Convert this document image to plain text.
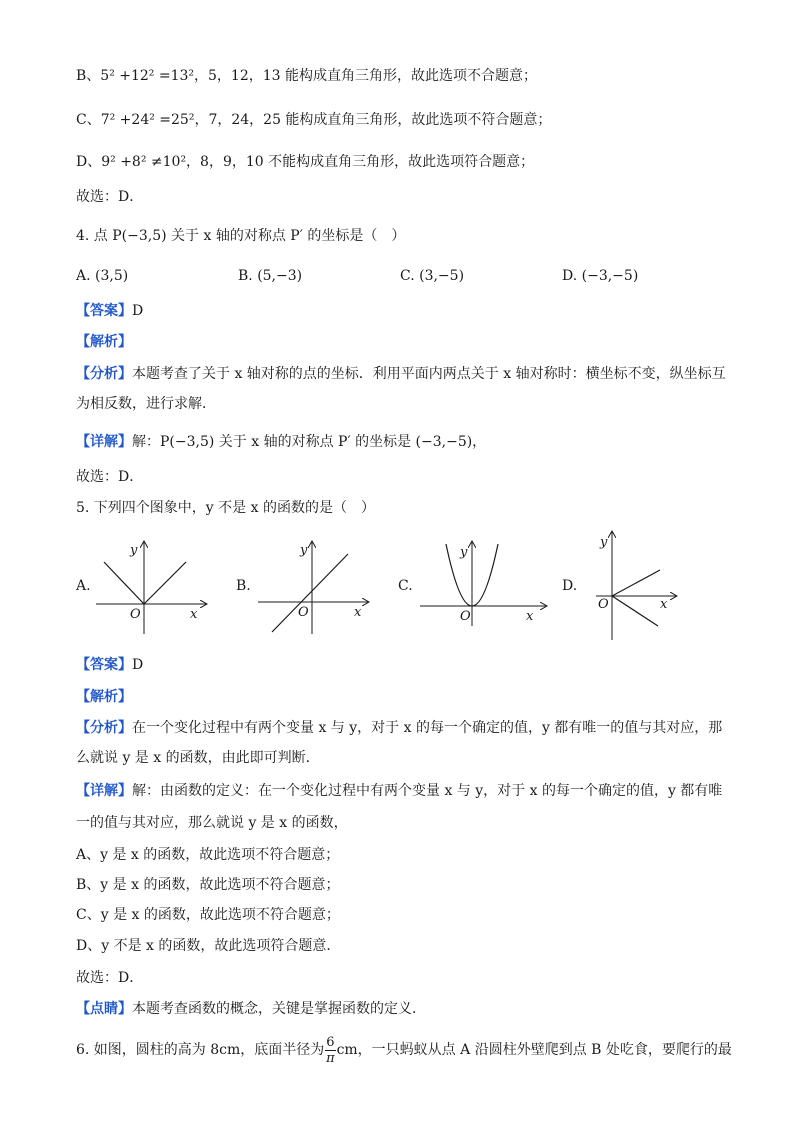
B、5² +12² =13²，5，12，13 能构成直角三角形，故此选项不合题意；
C、7² +24² =25²，7，24，25 能构成直角三角形，故此选项不符合题意；
D、9² +8² ≠10²，8，9，10 不能构成直角三角形，故此选项符合题意；
故选：D．
4. 点 P(−3,5) 关于 x 轴的对称点 P′ 的坐标是（　）
A. (3,5)	B. (5,−3)	C. (3,−5)	D. (−3,−5)
【答案】D
【解析】
【分析】本题考查了关于 x 轴对称的点的坐标．利用平面内两点关于 x 轴对称时：横坐标不变，纵坐标互
为相反数，进行求解．
【详解】解：P(−3,5) 关于 x 轴的对称点 P′ 的坐标是 (−3,−5)，
故选：D．
5. 下列四个图象中，y 不是 x 的函数的是（　）
A.
y
O	x
B.
y
O	x
C.
y
O	x
D.
y
O	x
【答案】D
【解析】
【分析】在一个变化过程中有两个变量 x 与 y，对于 x 的每一个确定的值，y 都有唯一的值与其对应，那
么就说 y 是 x 的函数，由此即可判断．
【详解】解：由函数的定义：在一个变化过程中有两个变量 x 与 y，对于 x 的每一个确定的值，y 都有唯
一的值与其对应，那么就说 y 是 x 的函数，
A、y 是 x 的函数，故此选项不符合题意；
B、y 是 x 的函数，故此选项不符合题意；
C、y 是 x 的函数，故此选项不符合题意；
D、y 不是 x 的函数，故此选项符合题意．
故选：D．
【点睛】本题考查函数的概念，关键是掌握函数的定义．
6. 如图，圆柱的高为 8cm，底面半径为 $\frac{6}{\pi}$ cm，一只蚂蚁从点 A 沿圆柱外壁爬到点 B 处吃食，要爬行的最
